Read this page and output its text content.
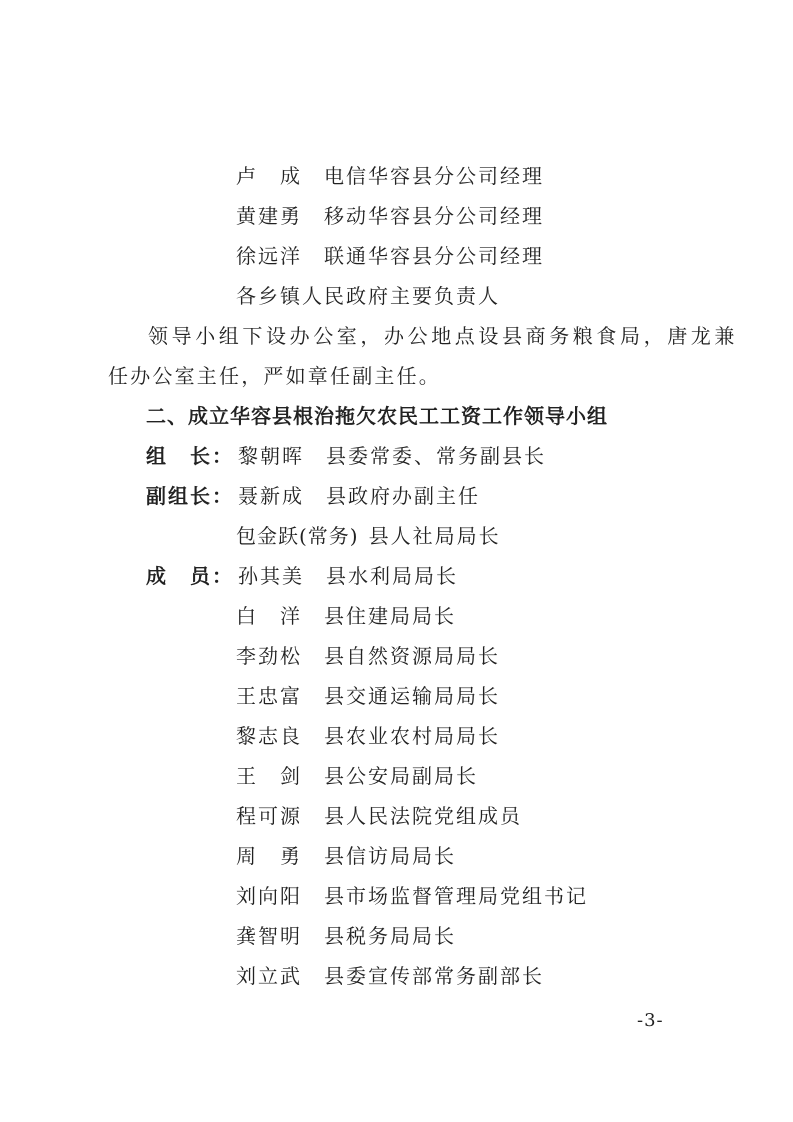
卢　成 电信华容县分公司经理
黄建勇 移动华容县分公司经理
徐远洋 联通华容县分公司经理
各乡镇人民政府主要负责人
领导小组下设办公室，办公地点设县商务粮食局，唐龙兼
任办公室主任，严如章任副主任。
二、成立华容县根治拖欠农民工工资工作领导小组
组　长： 黎朝晖 县委常委、常务副县长
副组长： 聂新成 县政府办副主任
包金跃(常务) 县人社局局长
成　员： 孙其美 县水利局局长
白　洋 县住建局局长
李劲松 县自然资源局局长
王忠富 县交通运输局局长
黎志良 县农业农村局局长
王　剑 县公安局副局长
程可源 县人民法院党组成员
周　勇 县信访局局长
刘向阳 县市场监督管理局党组书记
龚智明 县税务局局长
刘立武 县委宣传部常务副部长
-3-
